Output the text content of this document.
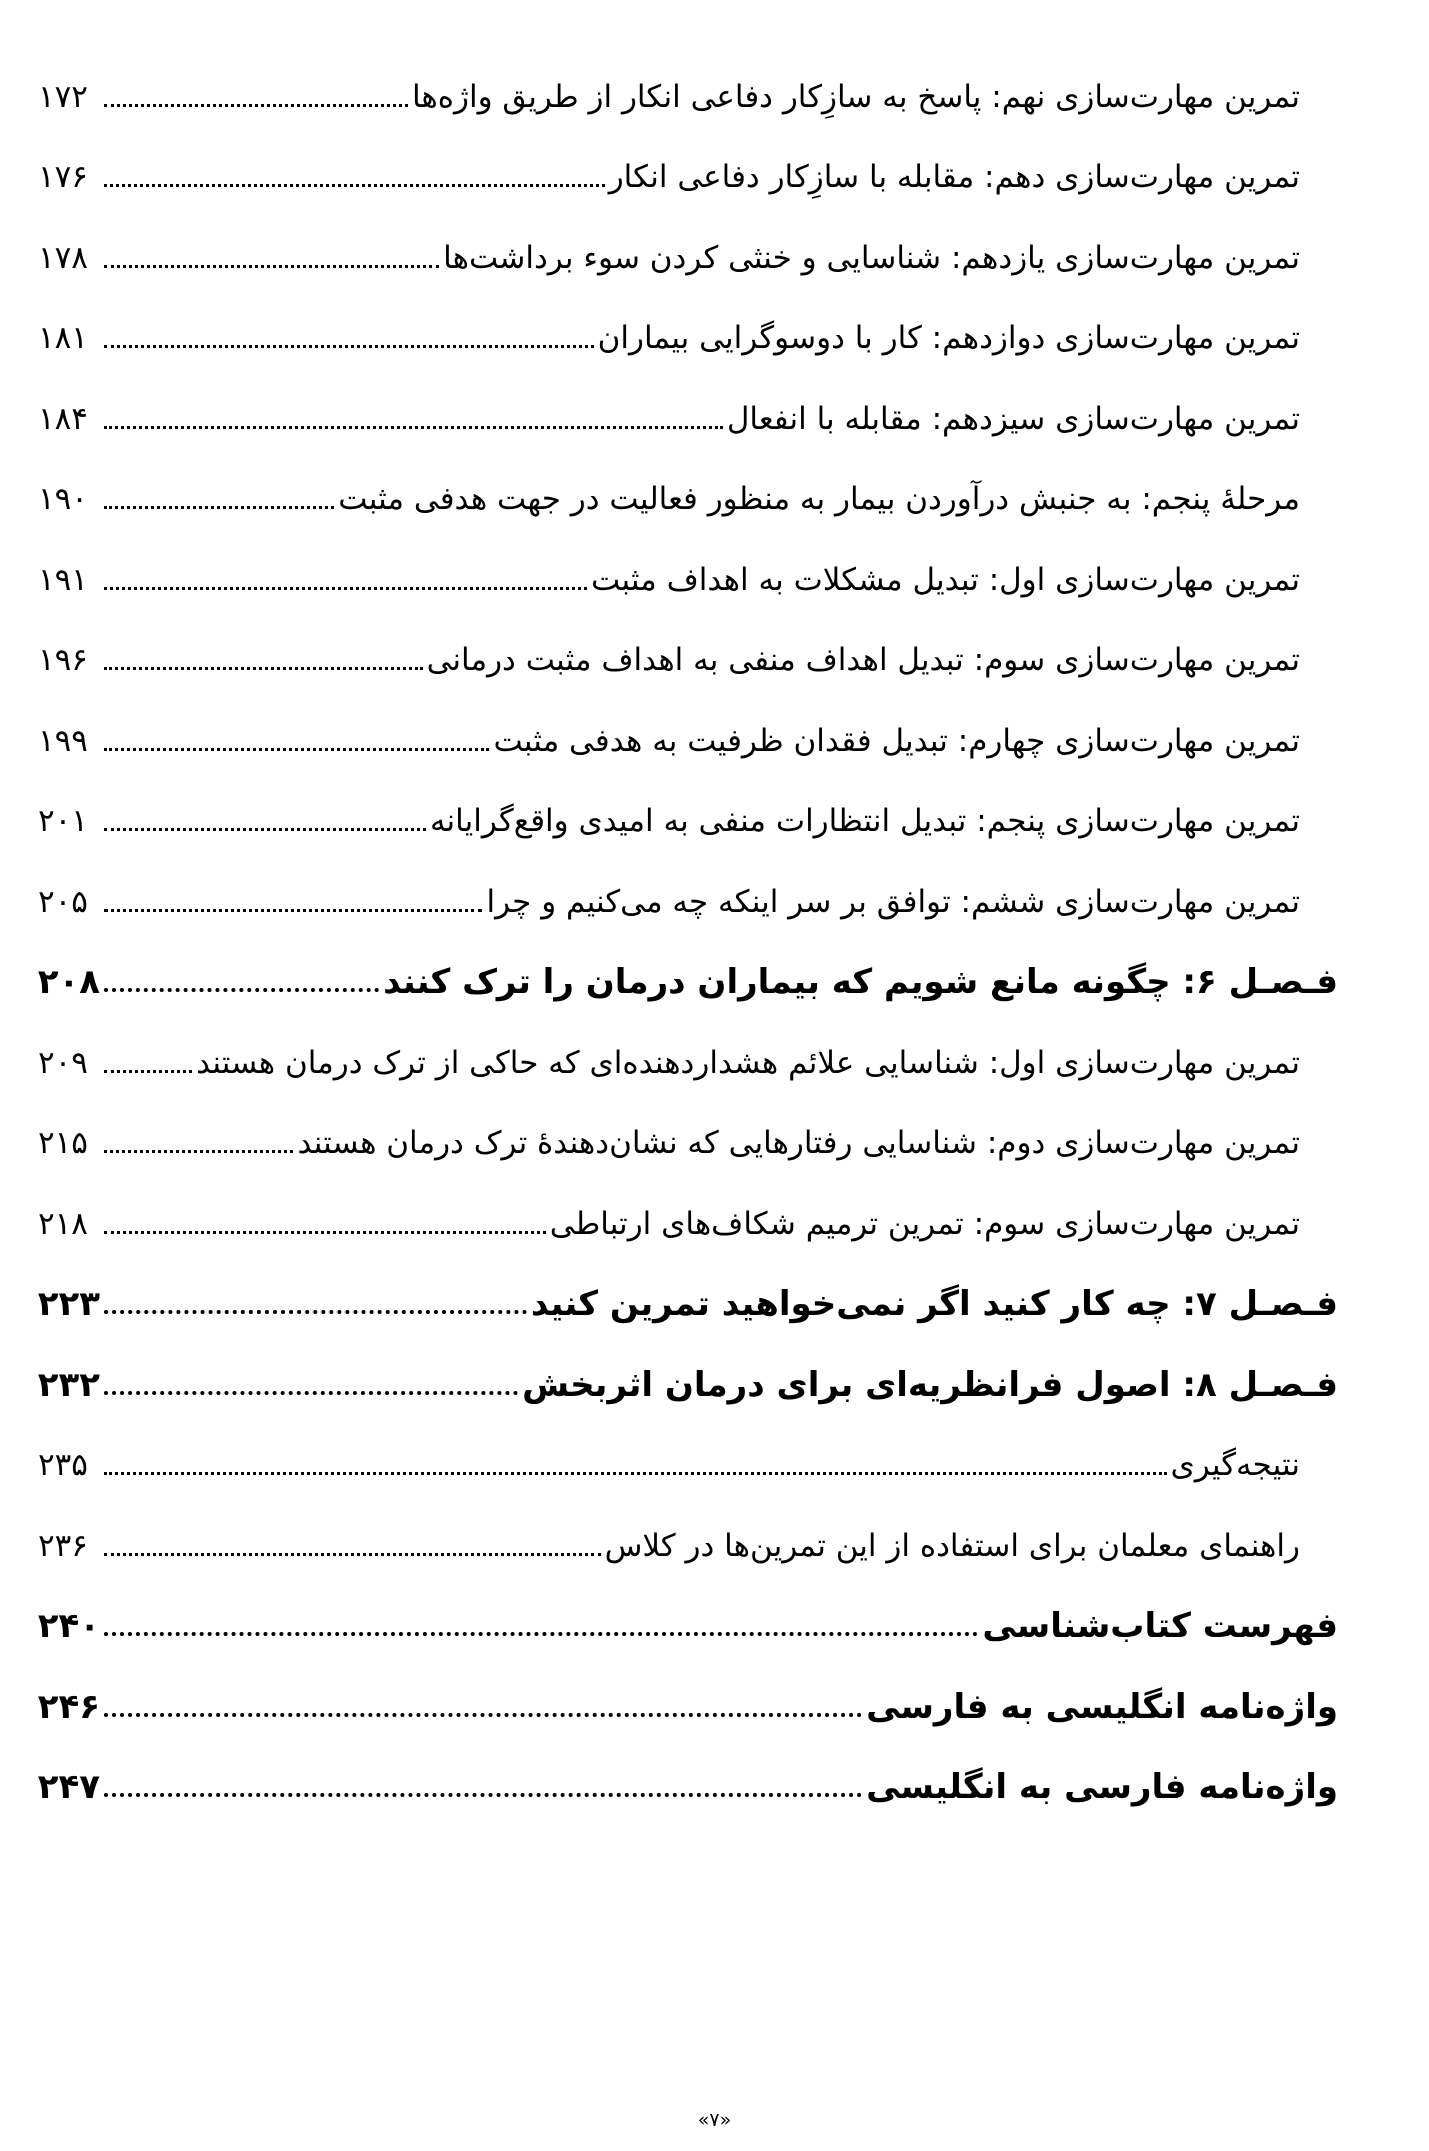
تمرین مهارت‌سازی نهم: پاسخ به سازِکار دفاعی انکار از طریق واژه‌ها
۱۷۲
تمرین مهارت‌سازی دهم: مقابله با سازِکار دفاعی انکار
۱۷۶
تمرین مهارت‌سازی یازدهم: شناسایی و خنثی کردن سوء برداشت‌ها
۱۷۸
تمرین مهارت‌سازی دوازدهم: کار با دوسوگرایی بیماران
۱۸۱
تمرین مهارت‌سازی سیزدهم: مقابله با انفعال
۱۸۴
مرحلۀ پنجم: به جنبش درآوردن بیمار به منظور فعالیت در جهت هدفی مثبت
۱۹۰
تمرین مهارت‌سازی اول: تبدیل مشکلات به اهداف مثبت
۱۹۱
تمرین مهارت‌سازی سوم: تبدیل اهداف منفی به اهداف مثبت درمانی
۱۹۶
تمرین مهارت‌سازی چهارم: تبدیل فقدان ظرفیت به هدفی مثبت
۱۹۹
تمرین مهارت‌سازی پنجم: تبدیل انتظارات منفی به امیدی واقع‌گرایانه
۲۰۱
تمرین مهارت‌سازی ششم: توافق بر سر اینکه چه می‌کنیم و چرا
۲۰۵
فـصـل ۶: چگونه مانع شویم که بیماران درمان را ترک کنند
۲۰۸
تمرین مهارت‌سازی اول: شناسایی علائم هشداردهنده‌ای که حاکی از ترک درمان هستند
۲۰۹
تمرین مهارت‌سازی دوم: شناسایی رفتارهایی که نشان‌دهندۀ ترک درمان هستند
۲۱۵
تمرین مهارت‌سازی سوم: تمرین ترمیم شکاف‌های ارتباطی
۲۱۸
فـصـل ۷: چه کار کنید اگر نمی‌خواهید تمرین کنید
۲۲۳
فـصـل ۸: اصول فرانظریه‌ای برای درمان اثربخش
۲۳۲
نتیجه‌گیری
۲۳۵
راهنمای معلمان برای استفاده از این تمرین‌ها در کلاس
۲۳۶
فهرست کتاب‌شناسی
۲۴۰
واژه‌نامه انگلیسی به فارسی
۲۴۶
واژه‌نامه فارسی به انگلیسی
۲۴۷
«۷»
